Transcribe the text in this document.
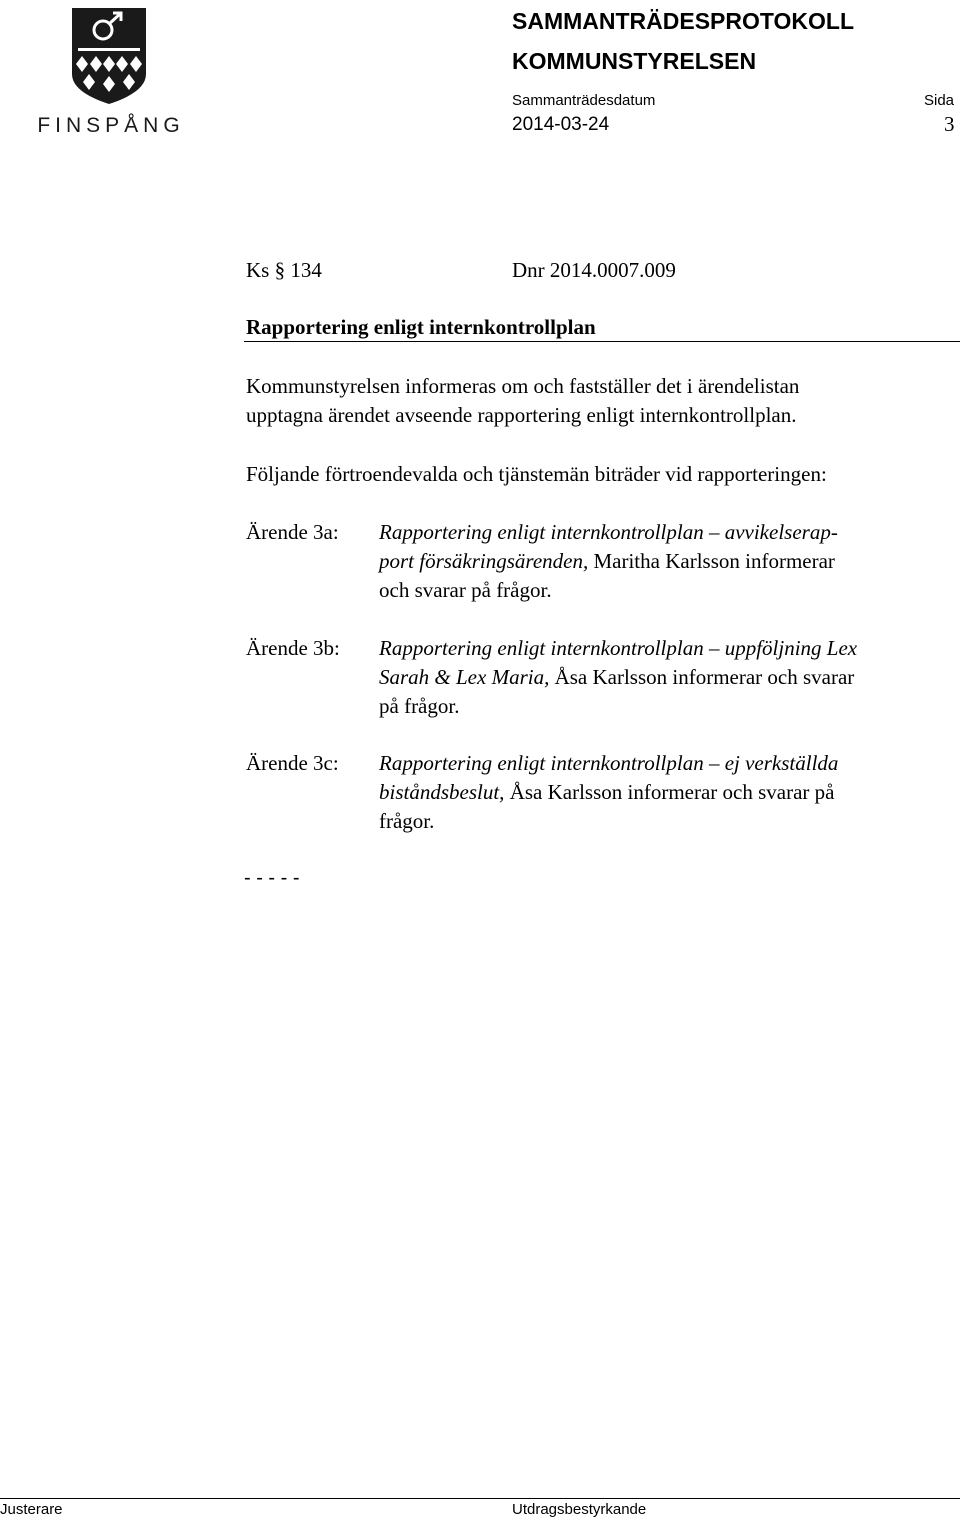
FINSPÅNG
SAMMANTRÄDESPROTOKOLL
KOMMUNSTYRELSEN
Sammanträdesdatum	Sida
2014-03-24	3
Ks § 134	Dnr 2014.0007.009
Rapportering enligt internkontrollplan
Kommunstyrelsen informeras om och fastställer det i ärendelistan
upptagna ärendet avseende rapportering enligt internkontrollplan.
Följande förtroendevalda och tjänstemän biträder vid rapporteringen:
Ärende 3a: Rapportering enligt internkontrollplan – avvikelserap-
port försäkringsärenden, Maritha Karlsson informerar
och svarar på frågor.
Ärende 3b: Rapportering enligt internkontrollplan – uppföljning Lex
Sarah & Lex Maria, Åsa Karlsson informerar och svarar
på frågor.
Ärende 3c: Rapportering enligt internkontrollplan – ej verkställda
biståndsbeslut, Åsa Karlsson informerar och svarar på
frågor.
- - - - -
Justerare	Utdragsbestyrkande
